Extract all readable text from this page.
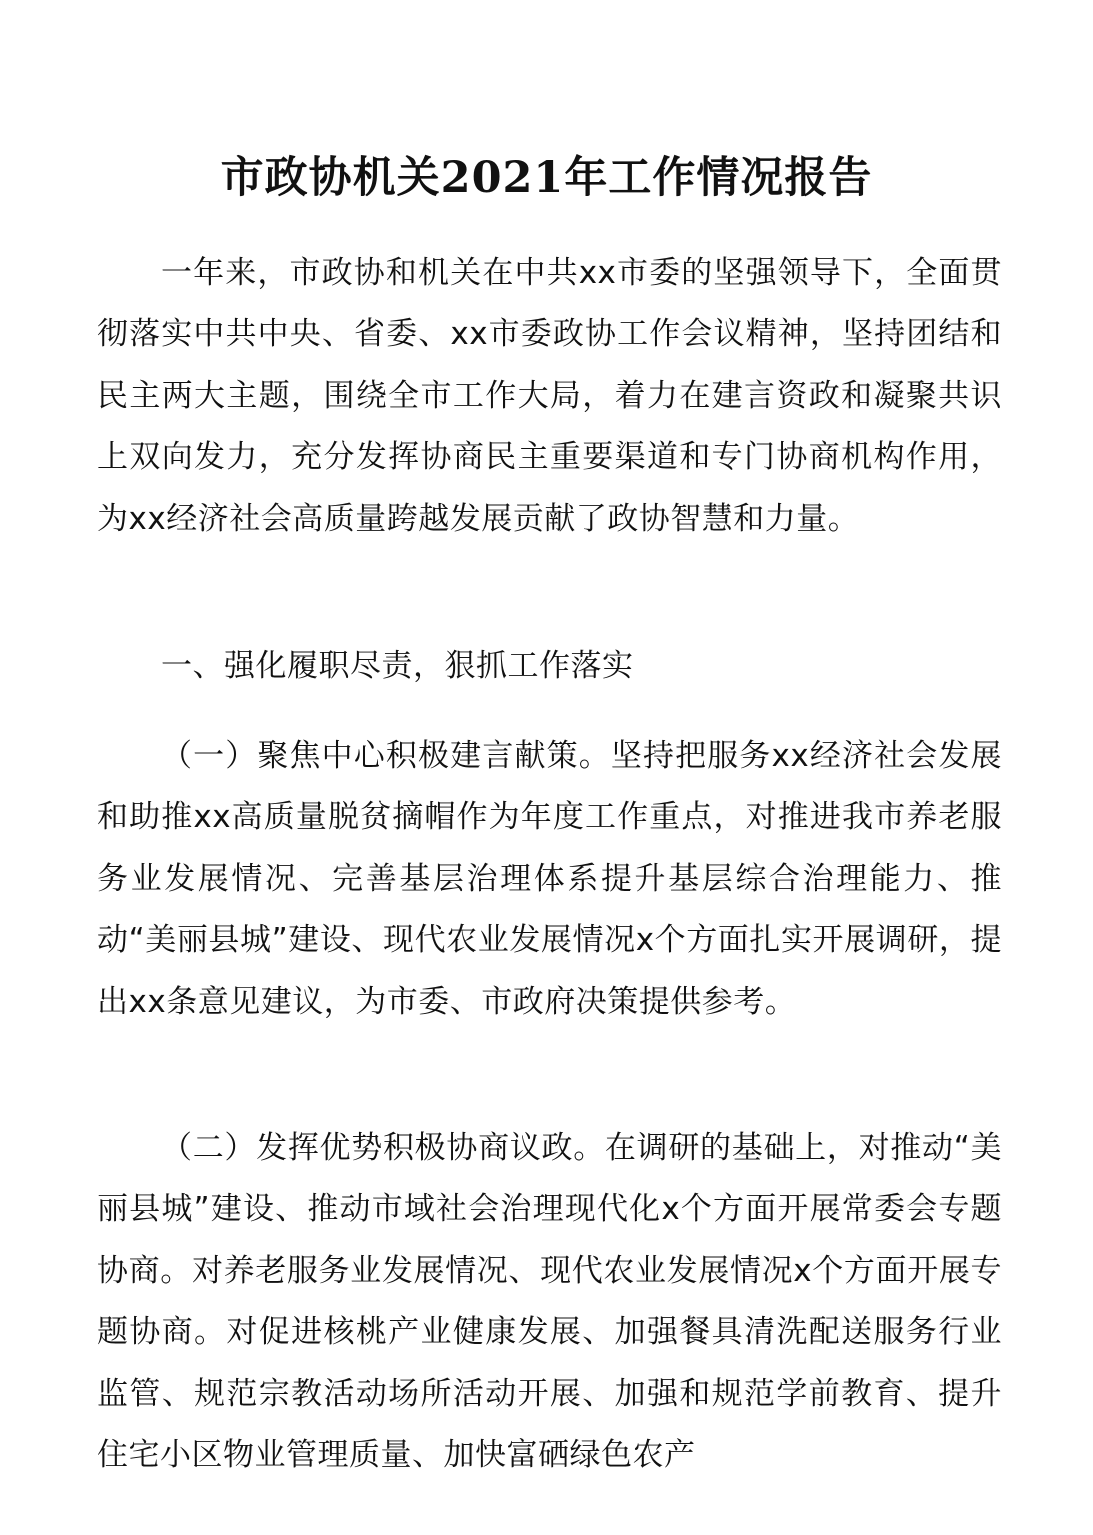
市政协机关2021年工作情况报告

一年来，市政协和机关在中共xx市委的坚强领导下，全面贯彻落实中共中央、省委、xx市委政协工作会议精神，坚持团结和民主两大主题，围绕全市工作大局，着力在建言资政和凝聚共识上双向发力，充分发挥协商民主重要渠道和专门协商机构作用，为xx经济社会高质量跨越发展贡献了政协智慧和力量。

一、强化履职尽责，狠抓工作落实

（一）聚焦中心积极建言献策。坚持把服务xx经济社会发展和助推xx高质量脱贫摘帽作为年度工作重点，对推进我市养老服务业发展情况、完善基层治理体系提升基层综合治理能力、推动“美丽县城”建设、现代农业发展情况x个方面扎实开展调研，提出xx条意见建议，为市委、市政府决策提供参考。

（二）发挥优势积极协商议政。在调研的基础上，对推动“美丽县城”建设、推动市域社会治理现代化x个方面开展常委会专题协商。对养老服务业发展情况、现代农业发展情况x个方面开展专题协商。对促进核桃产业健康发展、加强餐具清洗配送服务行业监管、规范宗教活动场所活动开展、加强和规范学前教育、提升住宅小区物业管理质量、加快富硒绿色农产
